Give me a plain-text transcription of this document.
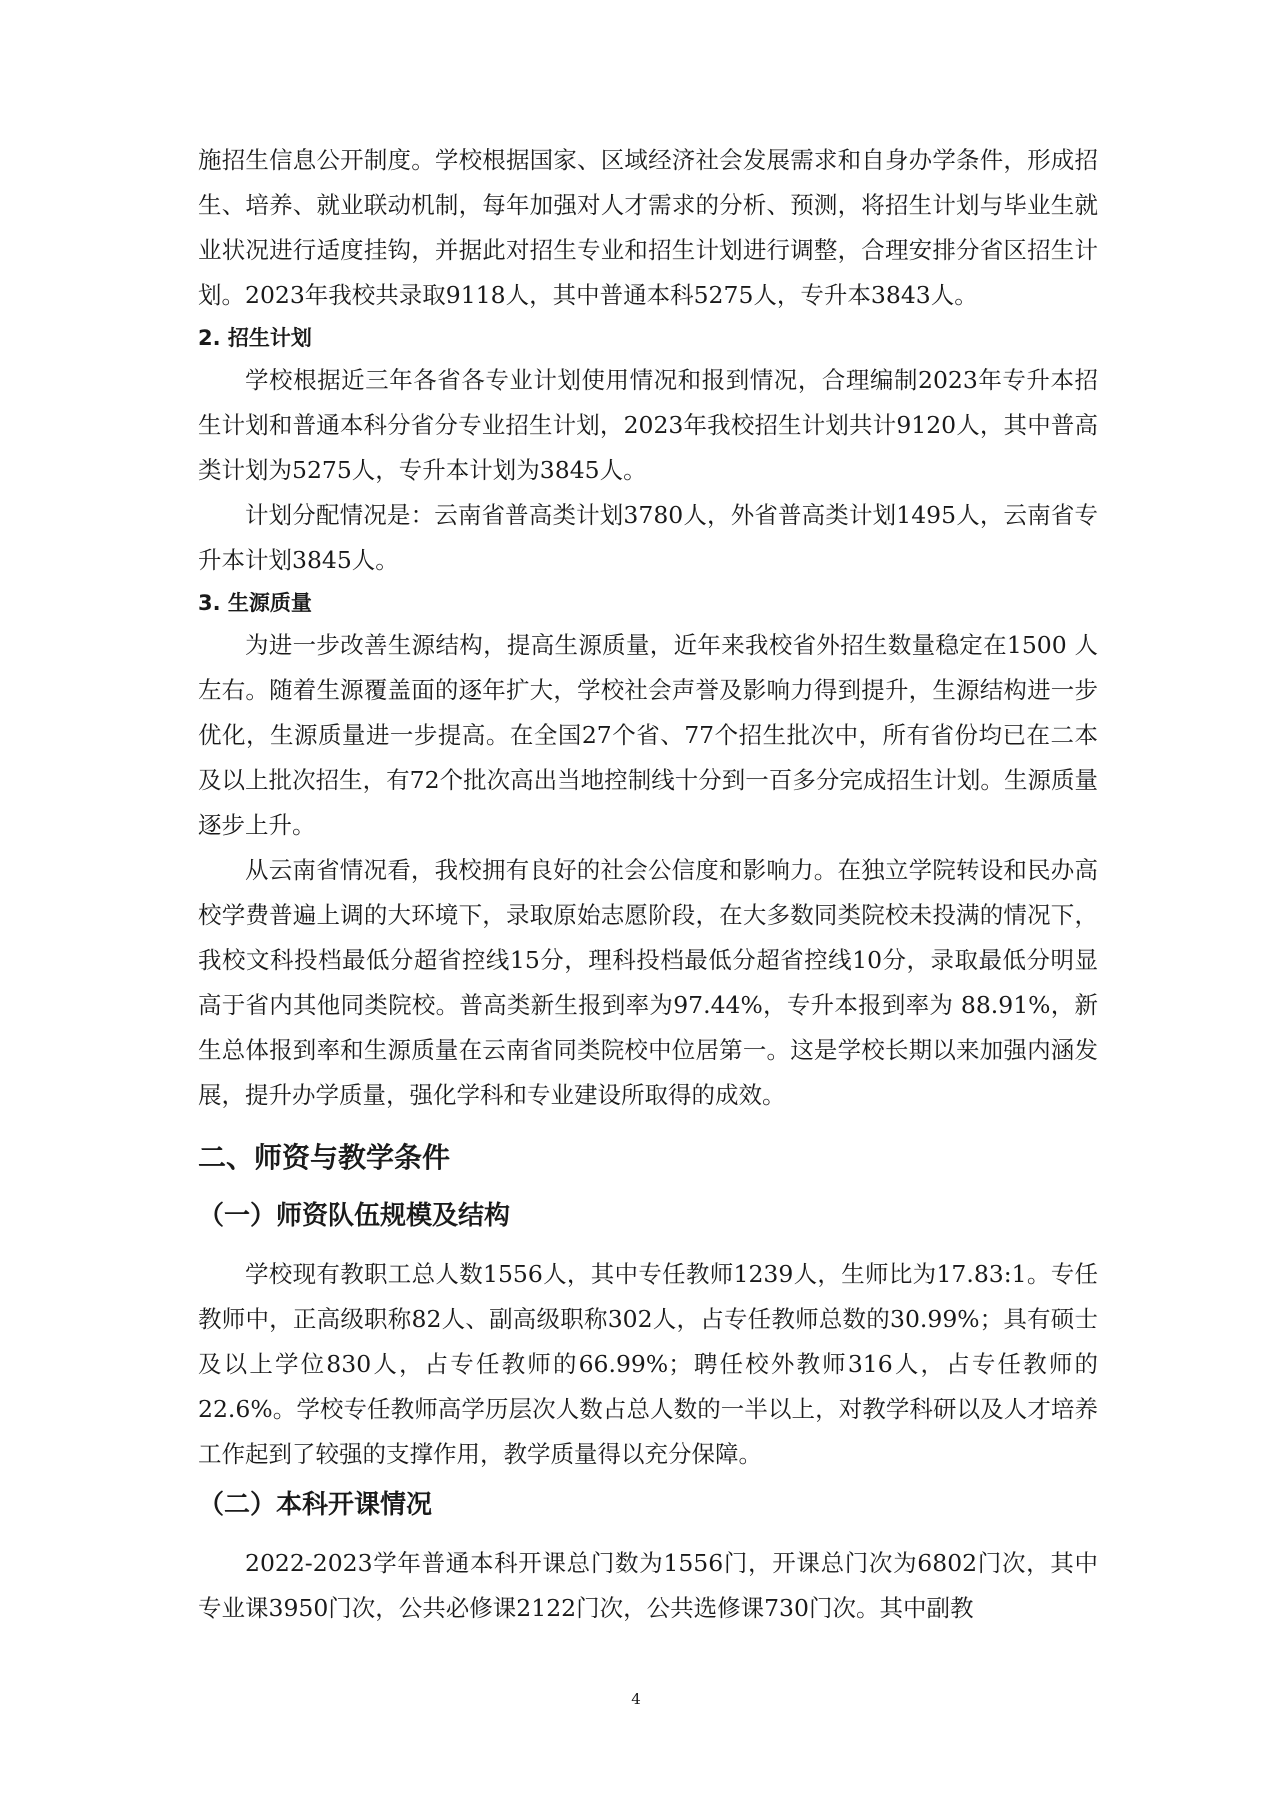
施招生信息公开制度。学校根据国家、区域经济社会发展需求和自身办学条件，形成招生、培养、就业联动机制，每年加强对人才需求的分析、预测，将招生计划与毕业生就业状况进行适度挂钩，并据此对招生专业和招生计划进行调整，合理安排分省区招生计划。2023年我校共录取9118人，其中普通本科5275人，专升本3843人。

2. 招生计划

学校根据近三年各省各专业计划使用情况和报到情况，合理编制2023年专升本招生计划和普通本科分省分专业招生计划，2023年我校招生计划共计9120人，其中普高类计划为5275人，专升本计划为3845人。

计划分配情况是：云南省普高类计划3780人，外省普高类计划1495人，云南省专升本计划3845人。

3. 生源质量

为进一步改善生源结构，提高生源质量，近年来我校省外招生数量稳定在1500 人左右。随着生源覆盖面的逐年扩大，学校社会声誉及影响力得到提升，生源结构进一步优化，生源质量进一步提高。在全国27个省、77个招生批次中，所有省份均已在二本及以上批次招生，有72个批次高出当地控制线十分到一百多分完成招生计划。生源质量逐步上升。

从云南省情况看，我校拥有良好的社会公信度和影响力。在独立学院转设和民办高校学费普遍上调的大环境下，录取原始志愿阶段，在大多数同类院校未投满的情况下，我校文科投档最低分超省控线15分，理科投档最低分超省控线10分，录取最低分明显高于省内其他同类院校。普高类新生报到率为97.44%，专升本报到率为 88.91%，新生总体报到率和生源质量在云南省同类院校中位居第一。这是学校长期以来加强内涵发展，提升办学质量，强化学科和专业建设所取得的成效。

二、师资与教学条件

（一）师资队伍规模及结构

学校现有教职工总人数1556人，其中专任教师1239人，生师比为17.83:1。专任教师中，正高级职称82人、副高级职称302人，占专任教师总数的30.99%；具有硕士及以上学位830人，占专任教师的66.99%；聘任校外教师316人，占专任教师的22.6%。学校专任教师高学历层次人数占总人数的一半以上，对教学科研以及人才培养工作起到了较强的支撑作用，教学质量得以充分保障。

（二）本科开课情况

2022-2023学年普通本科开课总门数为1556门，开课总门次为6802门次，其中专业课3950门次，公共必修课2122门次，公共选修课730门次。其中副教

4
